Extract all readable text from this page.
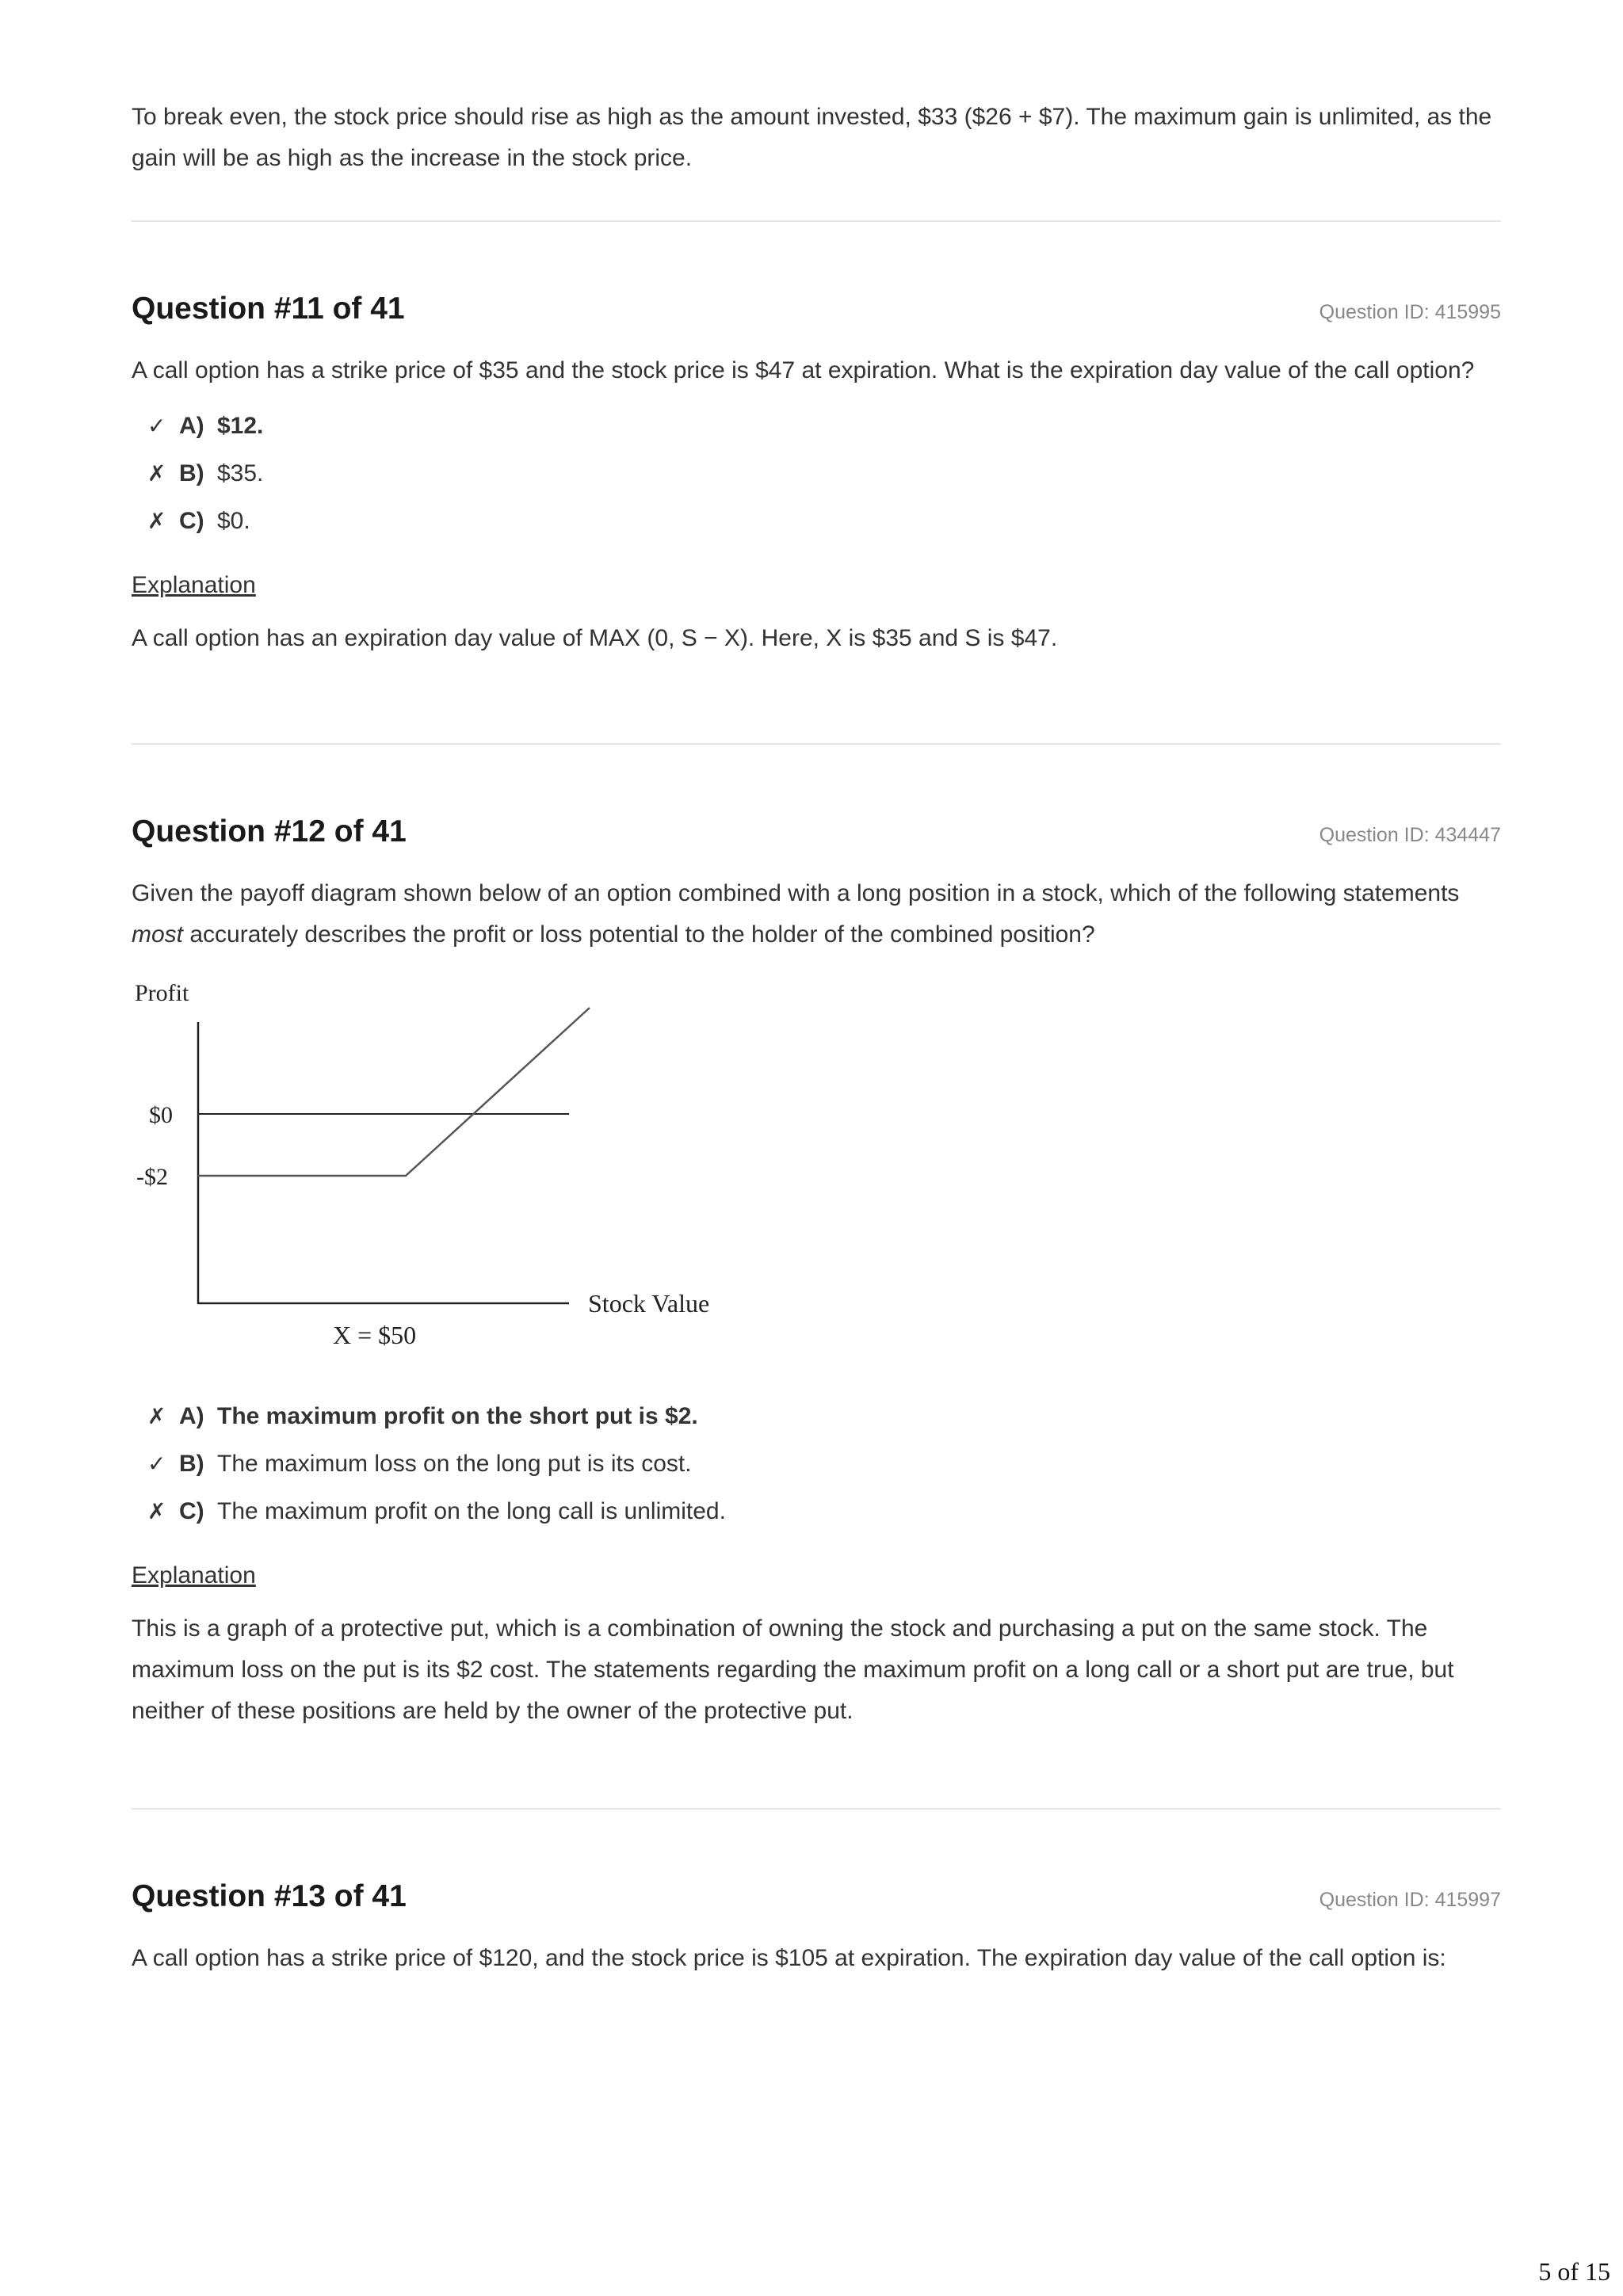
To break even, the stock price should rise as high as the amount invested, $33 ($26 + $7). The maximum gain is unlimited, as the gain will be as high as the increase in the stock price.

Question #11 of 41	Question ID: 415995

A call option has a strike price of $35 and the stock price is $47 at expiration. What is the expiration day value of the call option?

✓ A) $12.
✗ B) $35.
✗ C) $0.
Explanation

A call option has an expiration day value of MAX (0, S − X). Here, X is $35 and S is $47.

Question #12 of 41	Question ID: 434447

Given the payoff diagram shown below of an option combined with a long position in a stock, which of the following statements most accurately describes the profit or loss potential to the holder of the combined position?

Profit
$0
-$2
Stock Value
X = $50
✗ A) The maximum profit on the short put is $2.
✓ B) The maximum loss on the long put is its cost.
✗ C) The maximum profit on the long call is unlimited.
Explanation

This is a graph of a protective put, which is a combination of owning the stock and purchasing a put on the same stock. The maximum loss on the put is its $2 cost. The statements regarding the maximum profit on a long call or a short put are true, but neither of these positions are held by the owner of the protective put.

Question #13 of 41	Question ID: 415997

A call option has a strike price of $120, and the stock price is $105 at expiration. The expiration day value of the call option is:

5 of 15
